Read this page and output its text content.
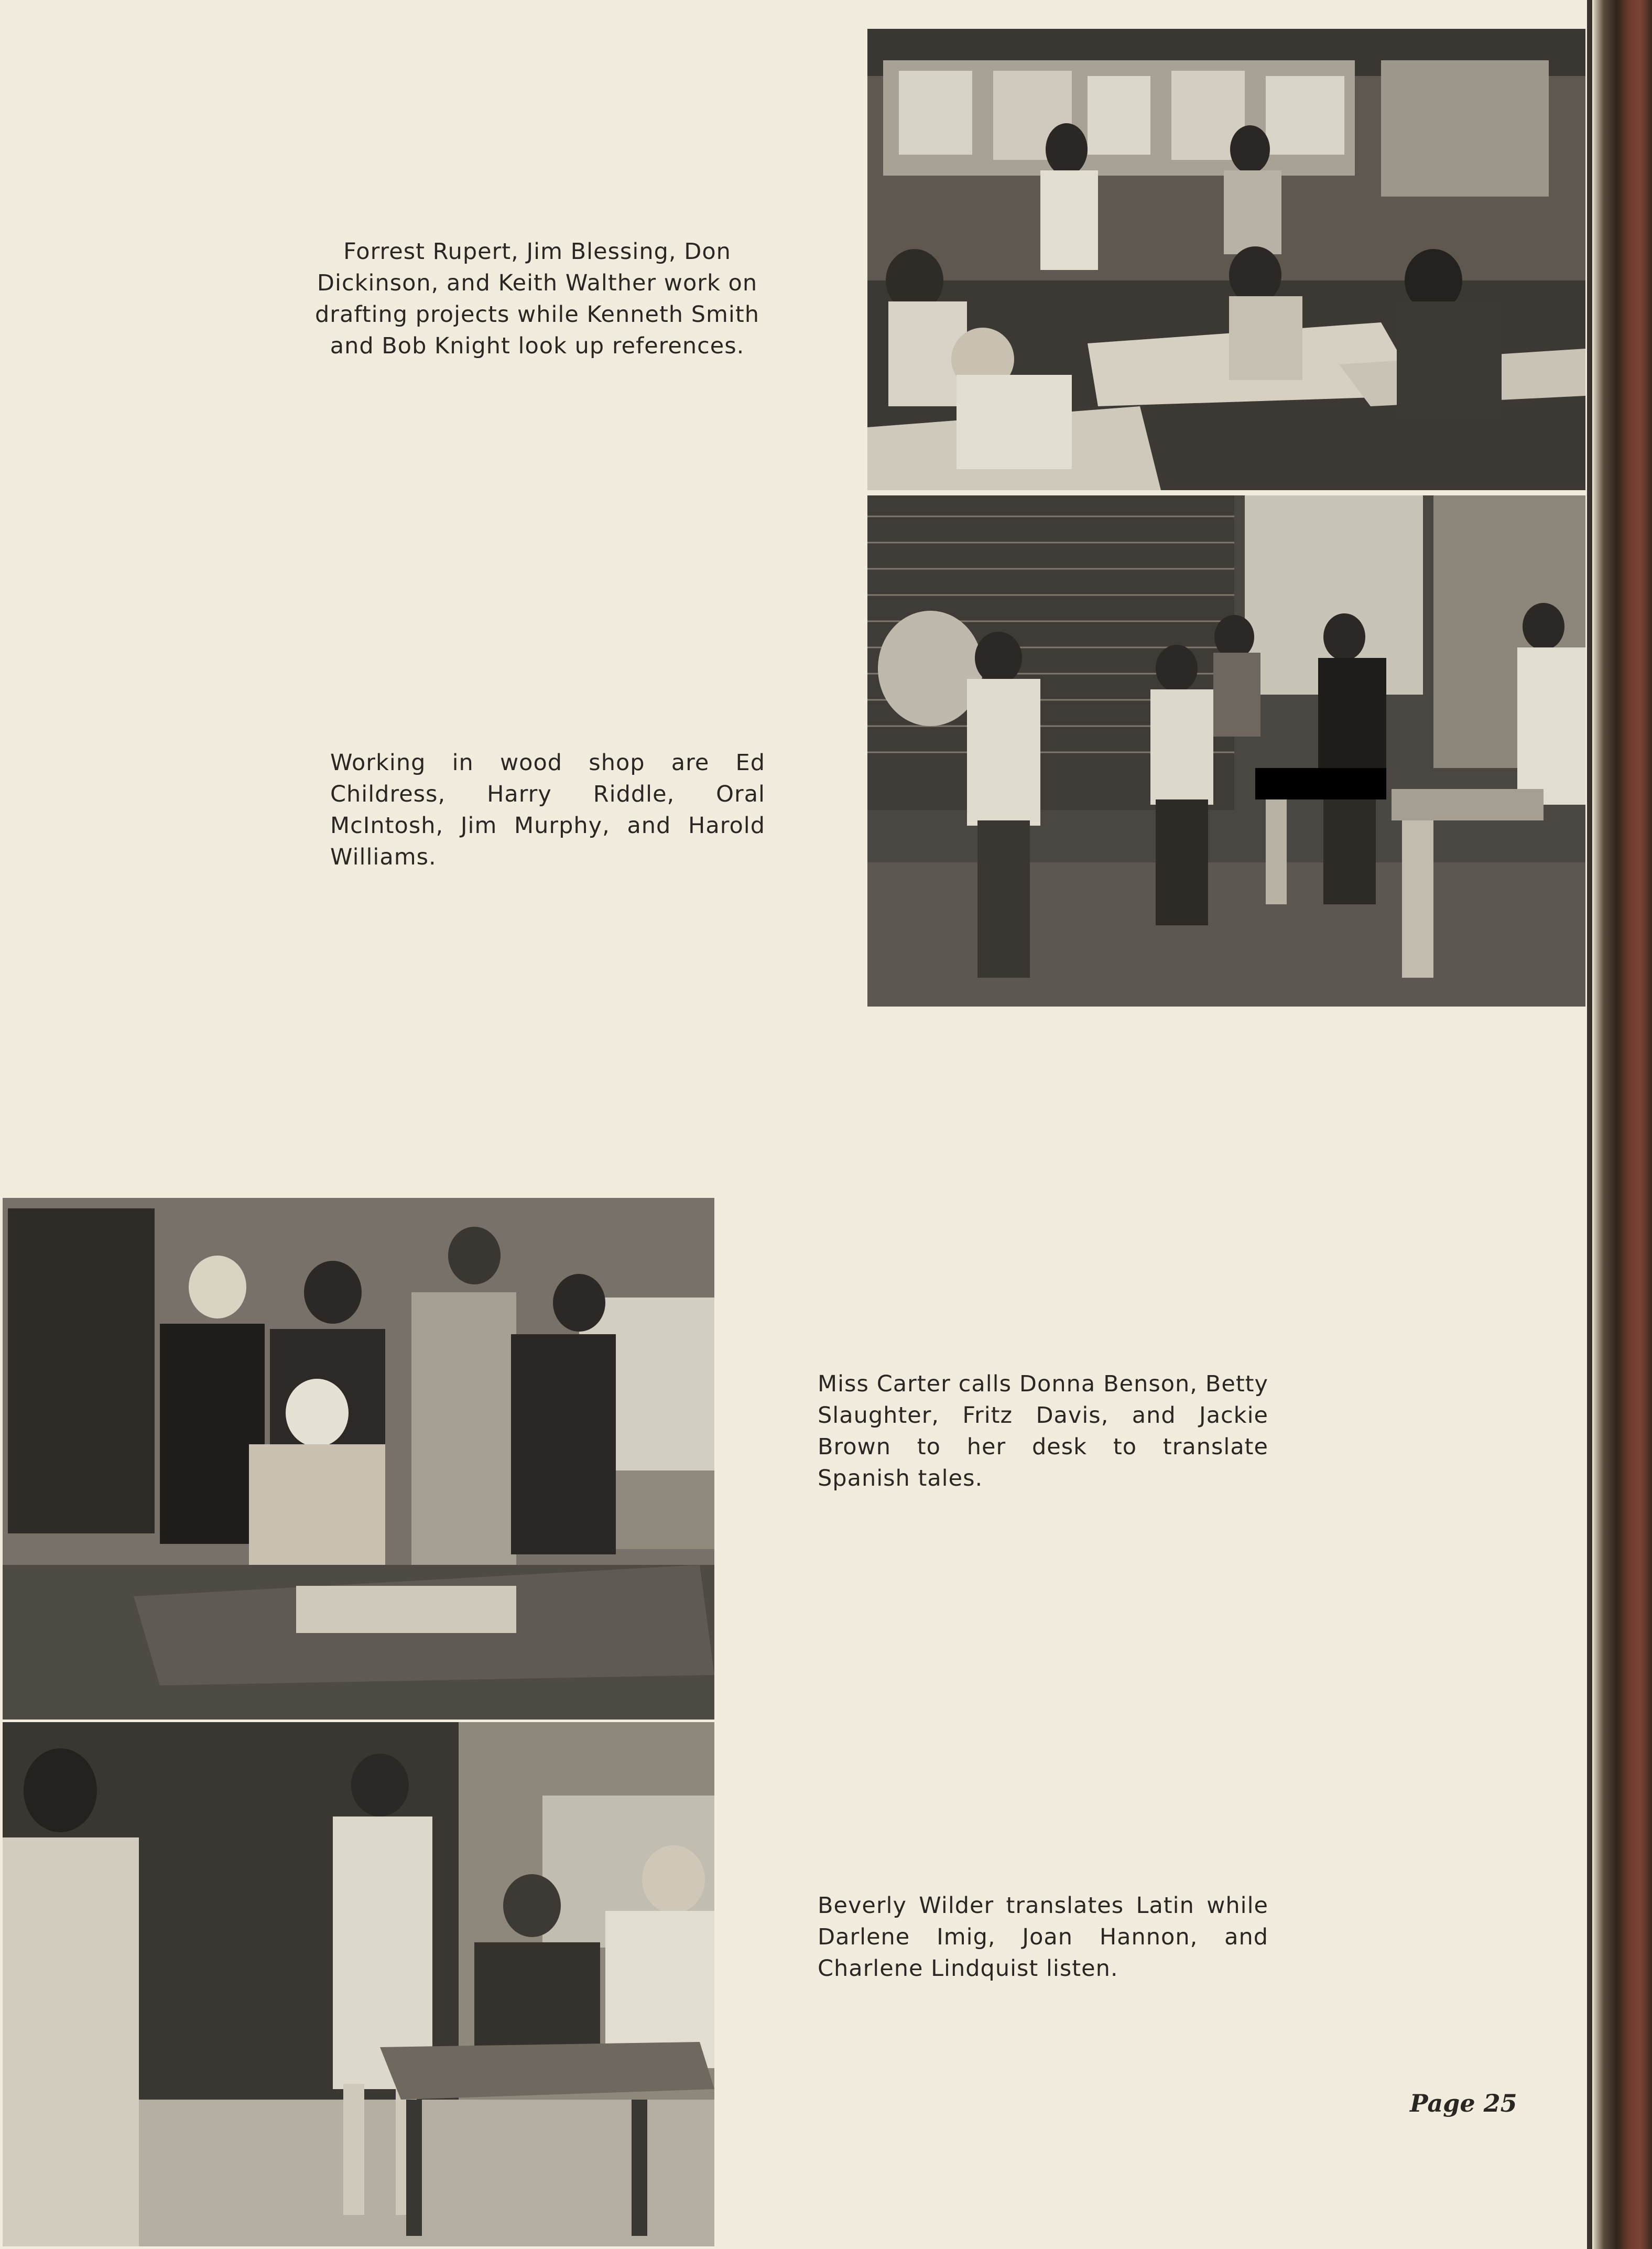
Forrest Rupert, Jim Blessing, Don Dickinson, and Keith Walther work on drafting projects while Kenneth Smith and Bob Knight look up references.

Working in wood shop are Ed Childress, Harry Riddle, Oral McIntosh, Jim Murphy, and Harold Williams.

Miss Carter calls Donna Benson, Betty Slaughter, Fritz Davis, and Jackie Brown to her desk to translate Spanish tales.

Beverly Wilder translates Latin while Darlene Imig, Joan Hannon, and Charlene Lindquist listen.

Page 25
